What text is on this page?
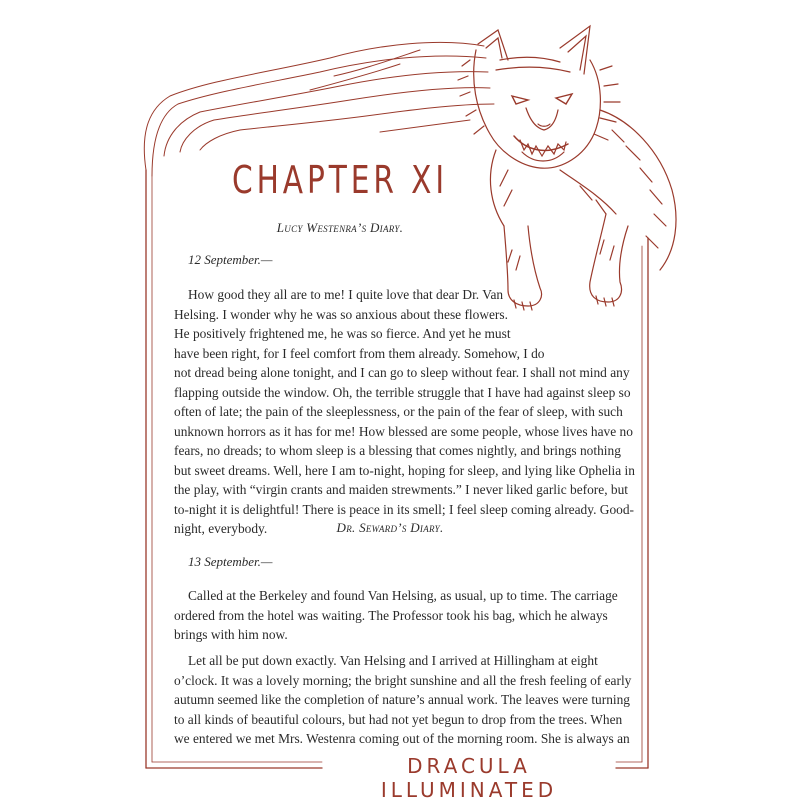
CHAPTER XI
Lucy Westenra’s Diary.
12 September.—
How good they all are to me! I quite love that dear Dr. Van
Helsing. I wonder why he was so anxious about these flowers.
He positively frightened me, he was so fierce. And yet he must
have been right, for I feel comfort from them already. Somehow, I do
not dread being alone tonight, and I can go to sleep without fear. I shall not mind any
flapping outside the window. Oh, the terrible struggle that I have had against sleep so
often of late; the pain of the sleeplessness, or the pain of the fear of sleep, with such
unknown horrors as it has for me! How blessed are some people, whose lives have no
fears, no dreads; to whom sleep is a blessing that comes nightly, and brings nothing
but sweet dreams. Well, here I am to-night, hoping for sleep, and lying like Ophelia in
the play, with “virgin crants and maiden strewments.” I never liked garlic before, but
to-night it is delightful! There is peace in its smell; I feel sleep coming already. Good-
night, everybody.	Dr. Seward’s Diary.
13 September.—
Called at the Berkeley and found Van Helsing, as usual, up to time. The carriage
ordered from the hotel was waiting. The Professor took his bag, which he always
brings with him now.
Let all be put down exactly. Van Helsing and I arrived at Hillingham at eight
o’clock. It was a lovely morning; the bright sunshine and all the fresh feeling of early
autumn seemed like the completion of nature’s annual work. The leaves were turning
to all kinds of beautiful colours, but had not yet begun to drop from the trees. When
we entered we met Mrs. Westenra coming out of the morning room. She is always an
DRACULA ILLUMINATED
